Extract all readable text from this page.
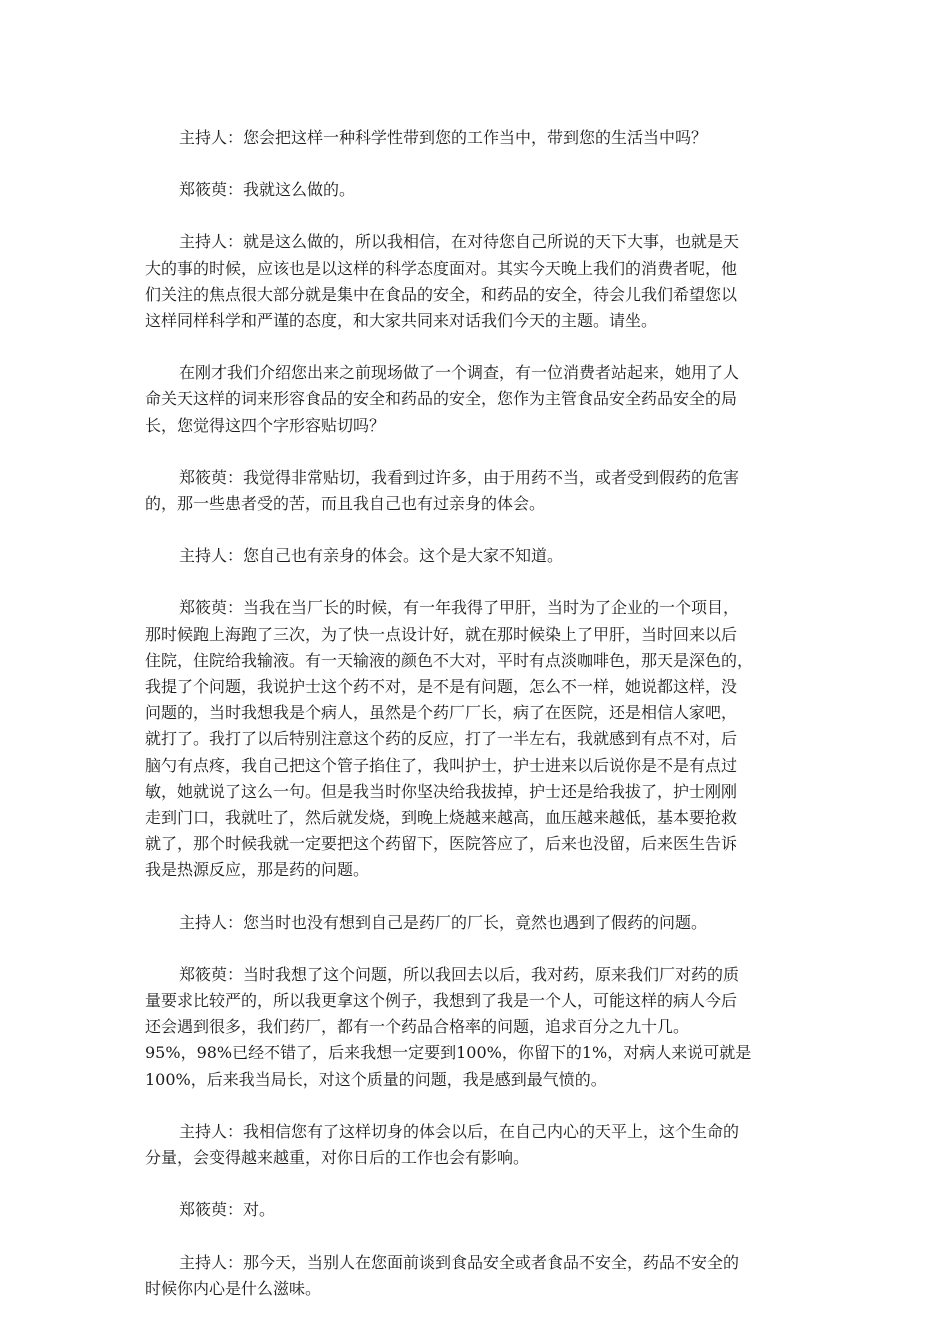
主持人：您会把这样一种科学性带到您的工作当中，带到您的生活当中吗？

郑筱萸：我就这么做的。

主持人：就是这么做的，所以我相信，在对待您自己所说的天下大事，也就是天
大的事的时候，应该也是以这样的科学态度面对。其实今天晚上我们的消费者呢，他
们关注的焦点很大部分就是集中在食品的安全，和药品的安全，待会儿我们希望您以
这样同样科学和严谨的态度，和大家共同来对话我们今天的主题。请坐。

在刚才我们介绍您出来之前现场做了一个调查，有一位消费者站起来，她用了人
命关天这样的词来形容食品的安全和药品的安全，您作为主管食品安全药品安全的局
长，您觉得这四个字形容贴切吗？

郑筱萸：我觉得非常贴切，我看到过许多，由于用药不当，或者受到假药的危害
的，那一些患者受的苦，而且我自己也有过亲身的体会。

主持人：您自己也有亲身的体会。这个是大家不知道。

郑筱萸：当我在当厂长的时候，有一年我得了甲肝，当时为了企业的一个项目，
那时候跑上海跑了三次，为了快一点设计好，就在那时候染上了甲肝，当时回来以后
住院，住院给我输液。有一天输液的颜色不大对，平时有点淡咖啡色，那天是深色的，
我提了个问题，我说护士这个药不对，是不是有问题，怎么不一样，她说都这样，没
问题的，当时我想我是个病人，虽然是个药厂厂长，病了在医院，还是相信人家吧，
就打了。我打了以后特别注意这个药的反应，打了一半左右，我就感到有点不对，后
脑勺有点疼，我自己把这个管子掐住了，我叫护士，护士进来以后说你是不是有点过
敏，她就说了这么一句。但是我当时你坚决给我拔掉，护士还是给我拔了，护士刚刚
走到门口，我就吐了，然后就发烧，到晚上烧越来越高，血压越来越低，基本要抢救
就了，那个时候我就一定要把这个药留下，医院答应了，后来也没留，后来医生告诉
我是热源反应，那是药的问题。

主持人：您当时也没有想到自己是药厂的厂长，竟然也遇到了假药的问题。

郑筱萸：当时我想了这个问题，所以我回去以后，我对药，原来我们厂对药的质
量要求比较严的，所以我更拿这个例子，我想到了我是一个人，可能这样的病人今后
还会遇到很多，我们药厂，都有一个药品合格率的问题，追求百分之九十几。
95%，98%已经不错了，后来我想一定要到100%，你留下的1%，对病人来说可就是
100%，后来我当局长，对这个质量的问题，我是感到最气愤的。

主持人：我相信您有了这样切身的体会以后，在自己内心的天平上，这个生命的
分量，会变得越来越重，对你日后的工作也会有影响。

郑筱萸：对。

主持人：那今天，当别人在您面前谈到食品安全或者食品不安全，药品不安全的
时候你内心是什么滋味。
